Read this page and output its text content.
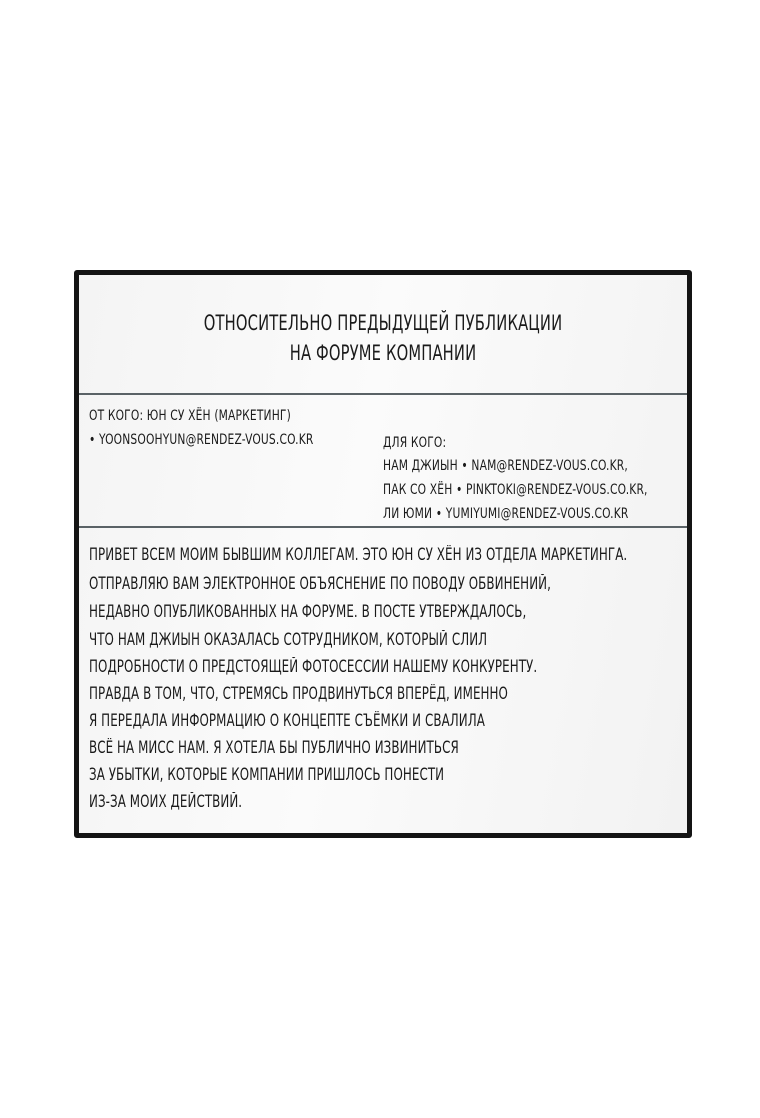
ОТНОСИТЕЛЬНО ПРЕДЫДУЩЕЙ ПУБЛИКАЦИИ
НА ФОРУМЕ КОМПАНИИ
ОТ КОГО: ЮН СУ ХЁН (МАРКЕТИНГ)
• YOONSOOHYUN@RENDEZ-VOUS.CO.KR	ДЛЯ КОГО:
НАМ ДЖИЫН • NAM@RENDEZ-VOUS.CO.KR,
ПАК СО ХЁН • PINKTOKI@RENDEZ-VOUS.CO.KR,
ЛИ ЮМИ • YUMIYUMI@RENDEZ-VOUS.CO.KR
ПРИВЕТ ВСЕМ МОИМ БЫВШИМ КОЛЛЕГАМ. ЭТО ЮН СУ ХЁН ИЗ ОТДЕЛА МАРКЕТИНГА.
ОТПРАВЛЯЮ ВАМ ЭЛЕКТРОННОЕ ОБЪЯСНЕНИЕ ПО ПОВОДУ ОБВИНЕНИЙ,
НЕДАВНО ОПУБЛИКОВАННЫХ НА ФОРУМЕ. В ПОСТЕ УТВЕРЖДАЛОСЬ,
ЧТО НАМ ДЖИЫН ОКАЗАЛАСЬ СОТРУДНИКОМ, КОТОРЫЙ СЛИЛ
ПОДРОБНОСТИ О ПРЕДСТОЯЩЕЙ ФОТОСЕССИИ НАШЕМУ КОНКУРЕНТУ.
ПРАВДА В ТОМ, ЧТО, СТРЕМЯСЬ ПРОДВИНУТЬСЯ ВПЕРЁД, ИМЕННО
Я ПЕРЕДАЛА ИНФОРМАЦИЮ О КОНЦЕПТЕ СЪЁМКИ И СВАЛИЛА
ВСЁ НА МИСС НАМ. Я ХОТЕЛА БЫ ПУБЛИЧНО ИЗВИНИТЬСЯ
ЗА УБЫТКИ, КОТОРЫЕ КОМПАНИИ ПРИШЛОСЬ ПОНЕСТИ
ИЗ-ЗА МОИХ ДЕЙСТВИЙ.
